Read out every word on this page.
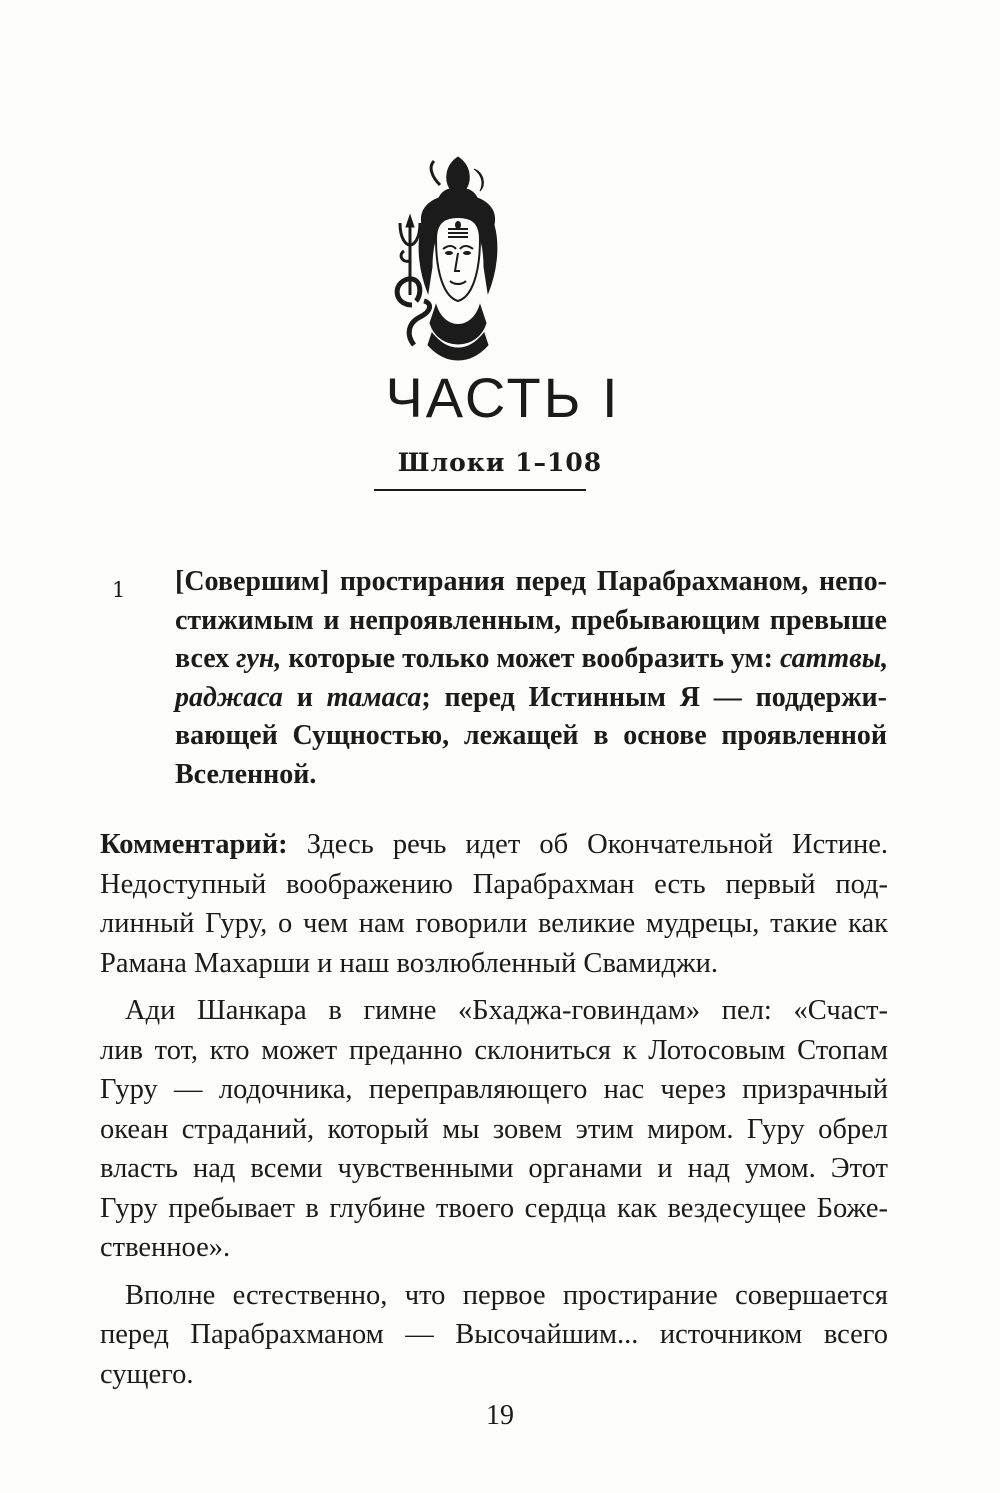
ЧАСТЬ I
Шлоки 1–108
1 [Совершим] простирания перед Парабрахманом, непо-
стижимым и непроявленным, пребывающим превыше
всех гун, которые только может вообразить ум: саттвы,
раджаса и тамаса; перед Истинным Я — поддержи-
вающей Сущностью, лежащей в основе проявленной
Вселенной.

Комментарий: Здесь речь идет об Окончательной Истине.
Недоступный воображению Парабрахман есть первый под-
линный Гуру, о чем нам говорили великие мудрецы, такие как
Рамана Махарши и наш возлюбленный Свамиджи.
Ади Шанкара в гимне «Бхаджа-говиндам» пел: «Счаст-
лив тот, кто может преданно склониться к Лотосовым Стопам
Гуру — лодочника, переправляющего нас через призрачный
океан страданий, который мы зовем этим миром. Гуру обрел
власть над всеми чувственными органами и над умом. Этот
Гуру пребывает в глубине твоего сердца как вездесущее Боже-
ственное».
Вполне естественно, что первое простирание совершается
перед Парабрахманом — Высочайшим... источником всего
сущего.
19
